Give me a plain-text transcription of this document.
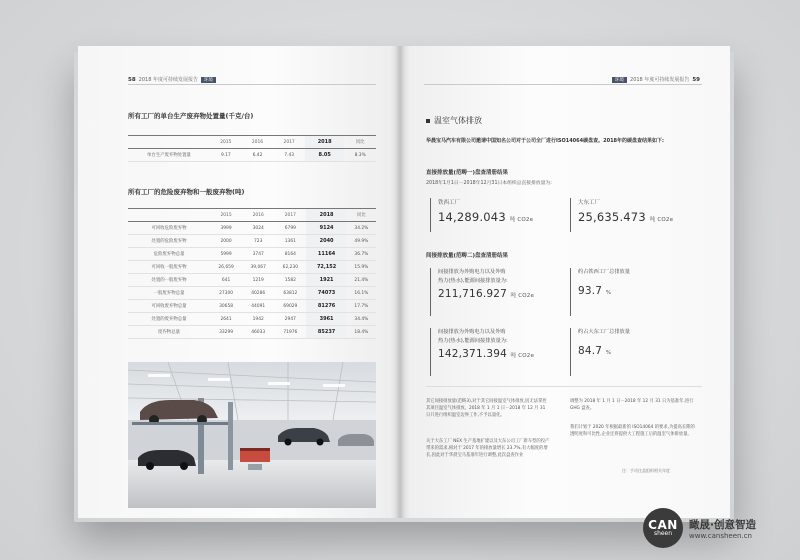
58 2018 年度可持续发展报告	环境
所有工厂的单台生产废弃物处置量(千克/台)
	2015	2016	2017	2018	同比
单台生产废弃物处置量	9.17	6.42	7.43	8.05	8.3%
所有工厂的危险废弃物和一般废弃物(吨)
	2015	2016	2017	2018	同比
可回收危险废弃物	3999	3024	6799	9124	34.2%
处置的危险废弃物	2000	723	1361	2040	49.9%
危险废弃物总量	5999	3747	8164	11164	36.7%
可回收一般废弃物	26,659	39,067	62,230	72,152	15.9%
处置的一般废弃物	641	1219	1582	1921	21.4%
一般废弃物总量	27300	40286	63812	74073	16.1%
可回收废弃物总量	30658	44091	69029	81276	17.7%
处置的废弃物总量	2641	1942	2947	3961	34.4%
废弃物总量	33299	46033	71976	85237	18.4%
环境	2018 年度可持续发展报告 59
温室气体排放
华晨宝马汽车有限公司邀请中国知名公司对于公司全厂进行ISO14064碳盘查。2018年的碳盘查结果如下:
直接排放量(范畴一)盘查清册结果
2018年1月1日－2018年12月31日本组织总直接排放量为:
铁西工厂
14,289.043 吨 CO2e
大东工厂
25,635.473 吨 CO2e
间接排放量(范畴二)盘查清册结果
间接排放为外购电力以及外购
热力(热水),能源间接排放量为:
211,716.927 吨 CO2e
约占铁西工厂总排放量
93.7 %
间接排放为外购电力以及外购
热力(热水),能源间接排放量为:
142,371.394 吨 CO2e
约占大东工厂总排放量
84.7 %
其它间接排放量(范畴3),对于其它间接温室气体排放,因无法掌控其项目温室气体排放。2018 年 1 月 1 日－2018 年 12 月 31 日只进行组织温室边界工作,不予以量化。
关于大东工厂 NEX 生产基地扩建以及大东公司工厂新车型的投产带来的需求,相对于 2017 年的排放量增长 23.7%,有大幅度的增长,因此对于华晨宝马基准年进行调整,此次盘查作业
调整为 2018 年 1 月 1 日－2018 年 12 月 31 日为基准年,进行 GHG 盘查。
我们计划于 2020 年根据最新的 ISO14064 的要求,为提高长期的透明度和可比性,企业还将提供大工程施工后的温室气体排放量。
注：手动注盖组织相关年度
CAN
sheen
瞰晟·创意智造
www.cansheen.cn
